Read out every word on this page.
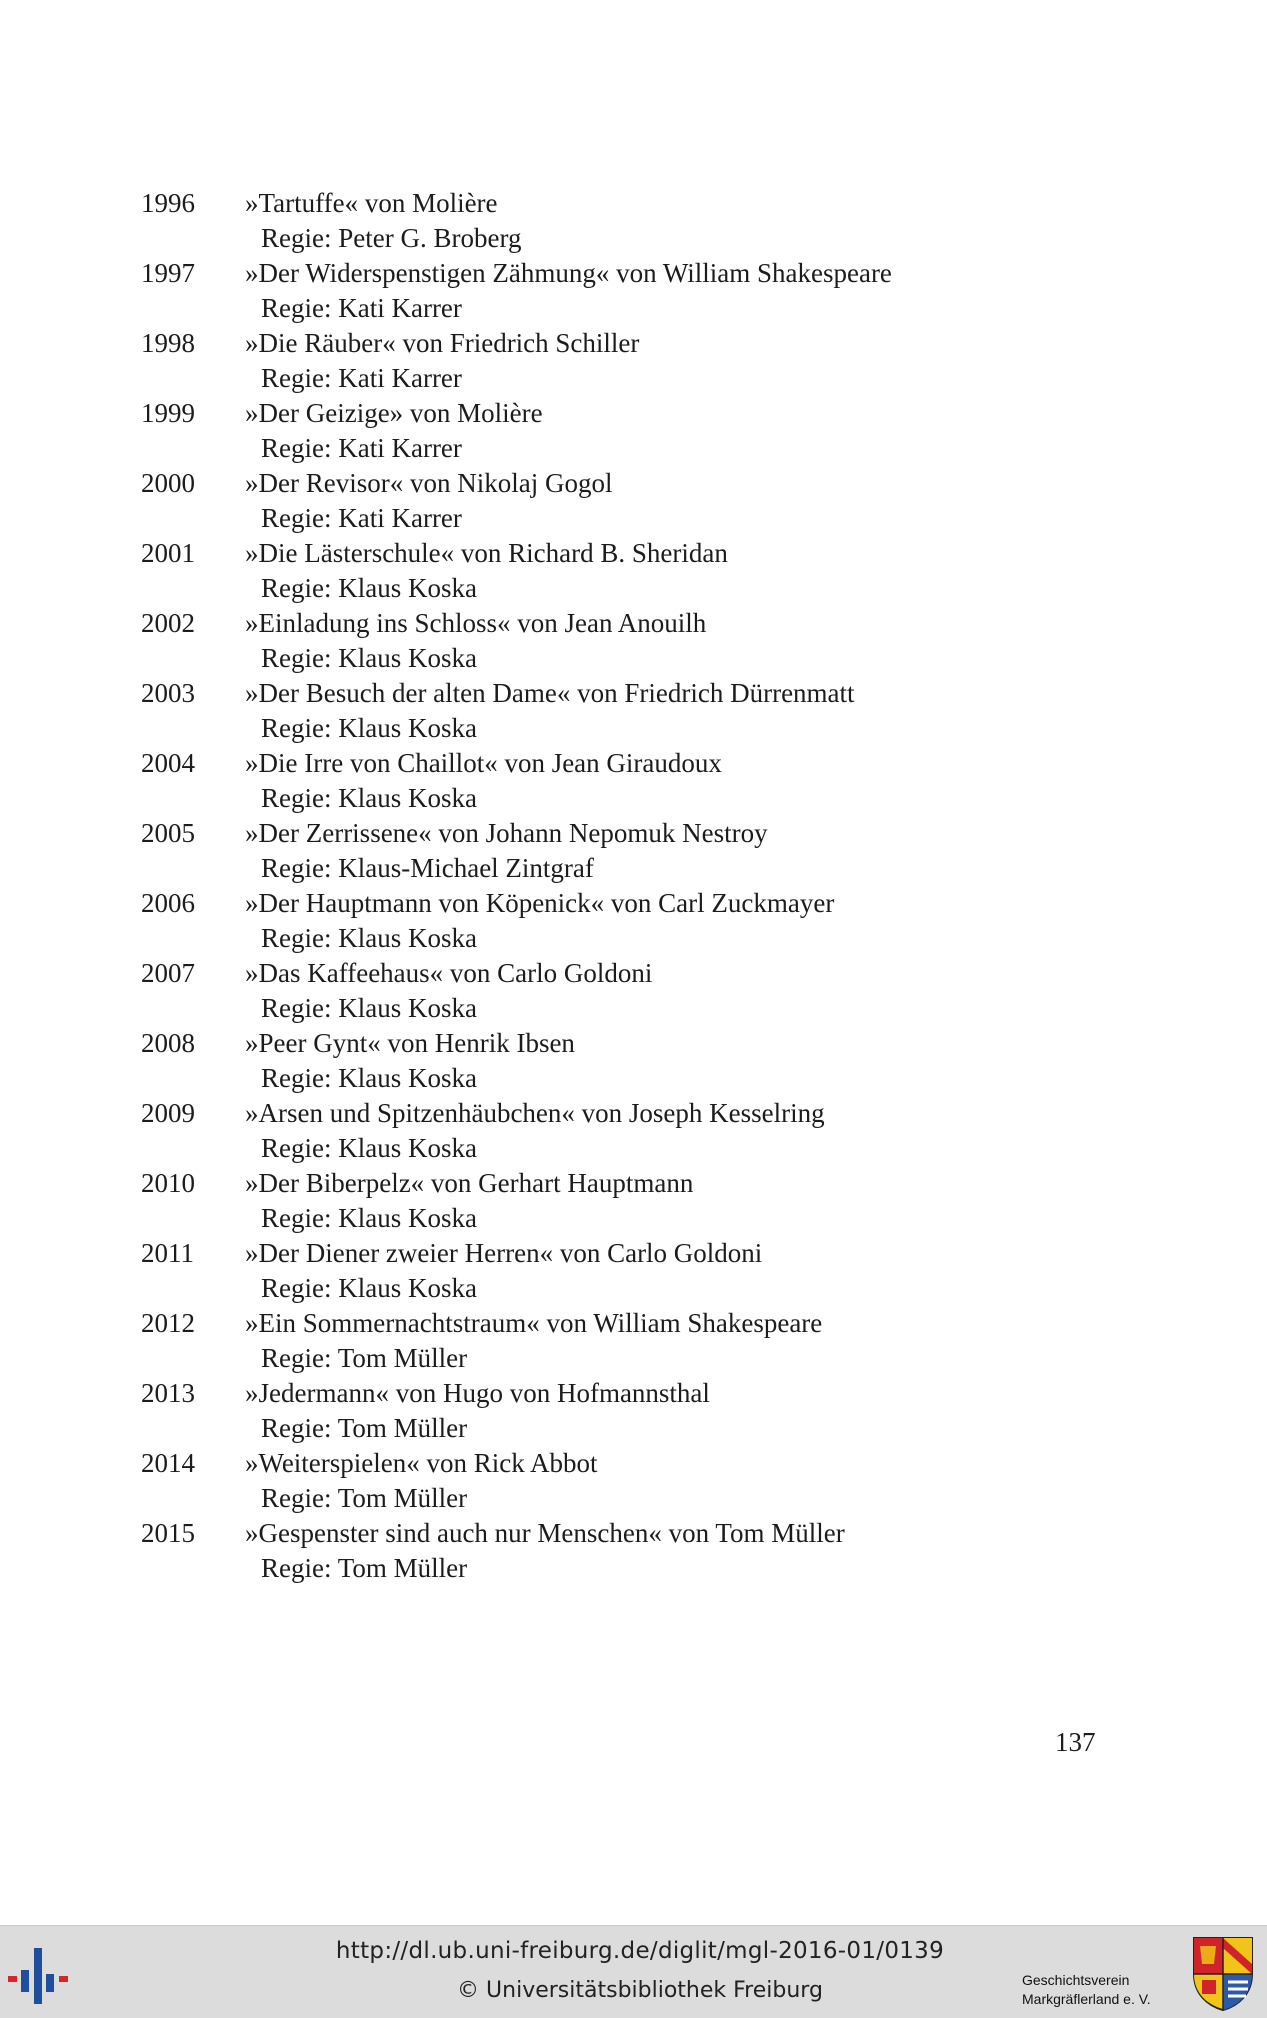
1996	»Tartuffe« von Molière
Regie: Peter G. Broberg
1997	»Der Widerspenstigen Zähmung« von William Shakespeare
Regie: Kati Karrer
1998	»Die Räuber« von Friedrich Schiller
Regie: Kati Karrer
1999	»Der Geizige» von Molière
Regie: Kati Karrer
2000	»Der Revisor« von Nikolaj Gogol
Regie: Kati Karrer
2001	»Die Lästerschule« von Richard B. Sheridan
Regie: Klaus Koska
2002	»Einladung ins Schloss« von Jean Anouilh
Regie: Klaus Koska
2003	»Der Besuch der alten Dame« von Friedrich Dürrenmatt
Regie: Klaus Koska
2004	»Die Irre von Chaillot« von Jean Giraudoux
Regie: Klaus Koska
2005	»Der Zerrissene« von Johann Nepomuk Nestroy
Regie: Klaus-Michael Zintgraf
2006	»Der Hauptmann von Köpenick« von Carl Zuckmayer
Regie: Klaus Koska
2007	»Das Kaffeehaus« von Carlo Goldoni
Regie: Klaus Koska
2008	»Peer Gynt« von Henrik Ibsen
Regie: Klaus Koska
2009	»Arsen und Spitzenhäubchen« von Joseph Kesselring
Regie: Klaus Koska
2010	»Der Biberpelz« von Gerhart Hauptmann
Regie: Klaus Koska
2011	»Der Diener zweier Herren« von Carlo Goldoni
Regie: Klaus Koska
2012	»Ein Sommernachtstraum« von William Shakespeare
Regie: Tom Müller
2013	»Jedermann« von Hugo von Hofmannsthal
Regie: Tom Müller
2014	»Weiterspielen« von Rick Abbot
Regie: Tom Müller
2015	»Gespenster sind auch nur Menschen« von Tom Müller
Regie: Tom Müller
137
http://dl.ub.uni-freiburg.de/diglit/mgl-2016-01/0139
© Universitätsbibliothek Freiburg	Geschichtsverein
Markgräflerland e. V.
